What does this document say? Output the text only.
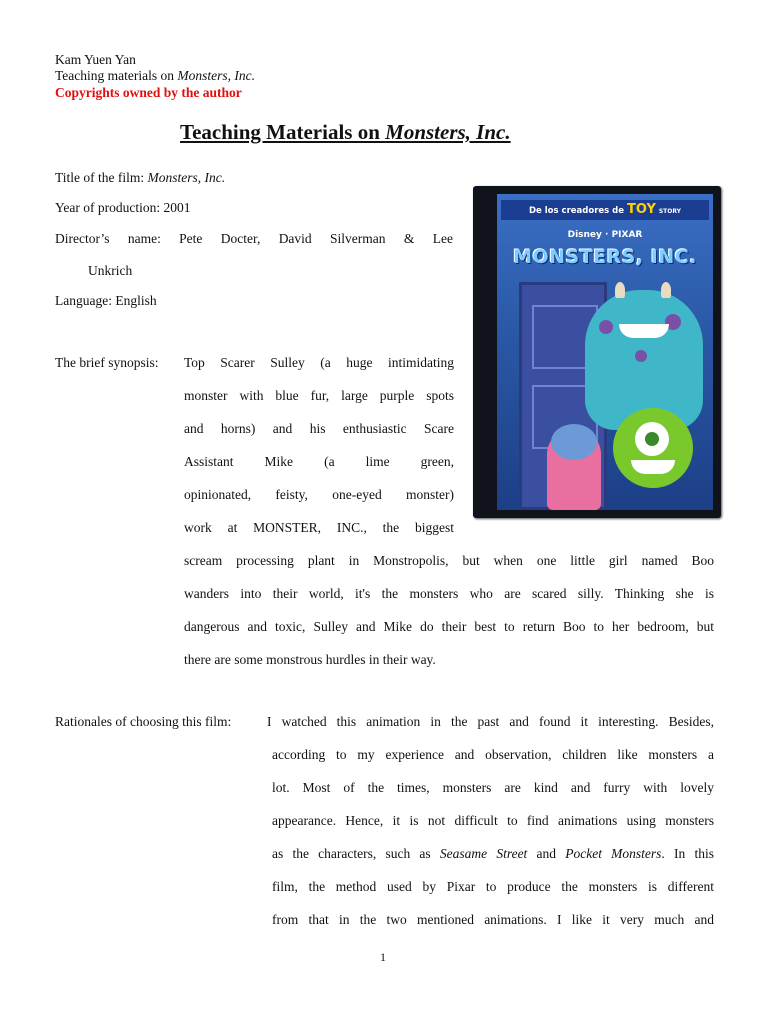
Kam Yuen Yan
Teaching materials on Monsters, Inc.
Copyrights owned by the author
Teaching Materials on Monsters, Inc.
Title of the film: Monsters, Inc.
Year of production: 2001
Director’s name: Pete Docter, David Silverman & Lee
Unkrich
Language: English
The brief synopsis: Top Scarer Sulley (a huge intimidating
monster with blue fur, large purple spots
and horns) and his enthusiastic Scare
Assistant Mike (a lime green,
opinionated, feisty, one-eyed monster)
work at MONSTER, INC., the biggest
scream processing plant in Monstropolis, but when one little girl named Boo
wanders into their world, it's the monsters who are scared silly. Thinking she is
dangerous and toxic, Sulley and Mike do their best to return Boo to her bedroom, but
there are some monstrous hurdles in their way.
Rationales of choosing this film:	I watched this animation in the past and found it interesting. Besides,
according to my experience and observation, children like monsters a
lot. Most of the times, monsters are kind and furry with lovely
appearance. Hence, it is not difficult to find animations using monsters
as the characters, such as Seasame Street and Pocket Monsters. In this
film, the method used by Pixar to produce the monsters is different
from that in the two mentioned animations. I like it very much and
De los creadores de TOY STORY
Disney · PIXAR
MONSTERS, INC.
1
